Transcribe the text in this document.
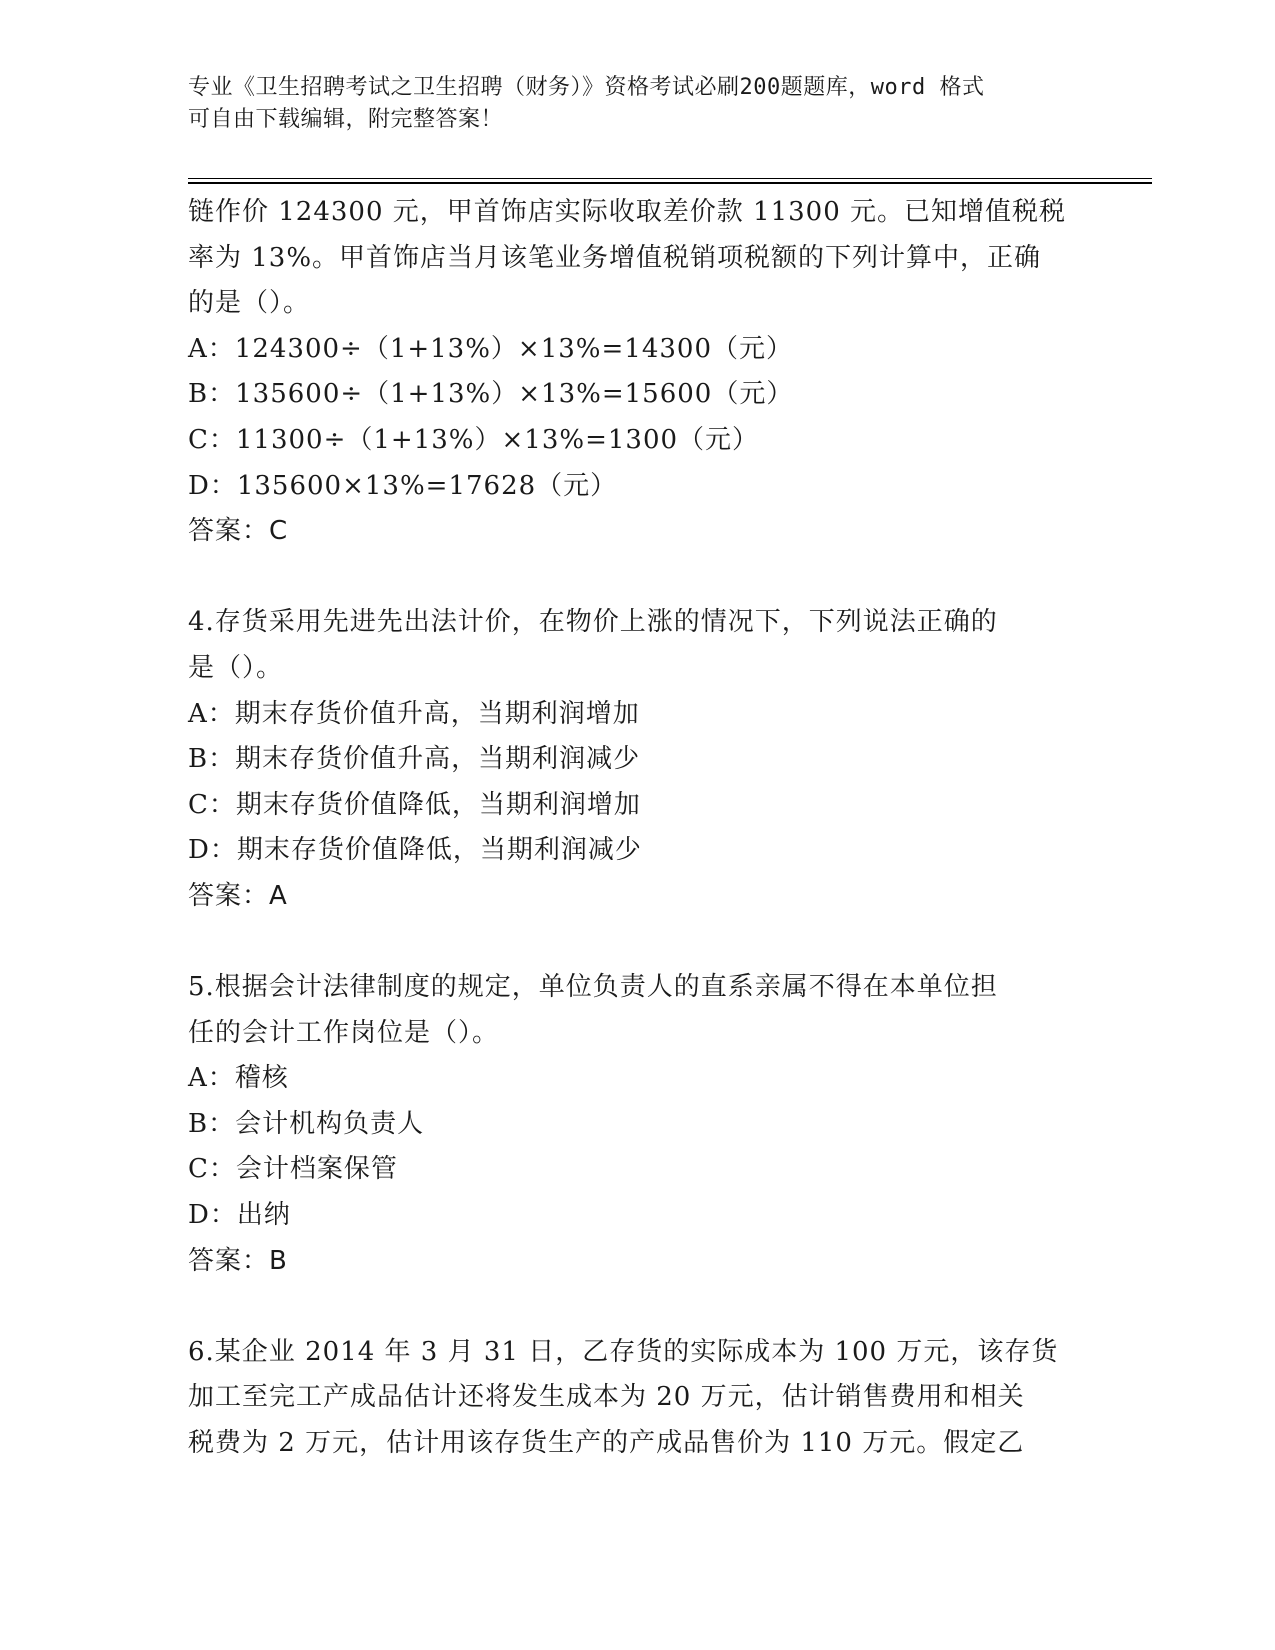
专业《卫生招聘考试之卫生招聘（财务）》资格考试必刷200题题库，word 格式
可自由下载编辑，附完整答案！
链作价 124300 元，甲首饰店实际收取差价款 11300 元。已知增值税税
率为 13%。甲首饰店当月该笔业务增值税销项税额的下列计算中，正确
的是（）。
A：124300÷（1+13%）×13%=14300（元）
B：135600÷（1+13%）×13%=15600（元）
C：11300÷（1+13%）×13%=1300（元）
D：135600×13%=17628（元）
答案：C
4.存货采用先进先出法计价，在物价上涨的情况下，下列说法正确的
是（）。
A：期末存货价值升高，当期利润增加
B：期末存货价值升高，当期利润减少
C：期末存货价值降低，当期利润增加
D：期末存货价值降低，当期利润减少
答案：A
5.根据会计法律制度的规定，单位负责人的直系亲属不得在本单位担
任的会计工作岗位是（）。
A：稽核
B：会计机构负责人
C：会计档案保管
D：出纳
答案：B
6.某企业 2014 年 3 月 31 日，乙存货的实际成本为 100 万元，该存货
加工至完工产成品估计还将发生成本为 20 万元，估计销售费用和相关
税费为 2 万元，估计用该存货生产的产成品售价为 110 万元。假定乙
